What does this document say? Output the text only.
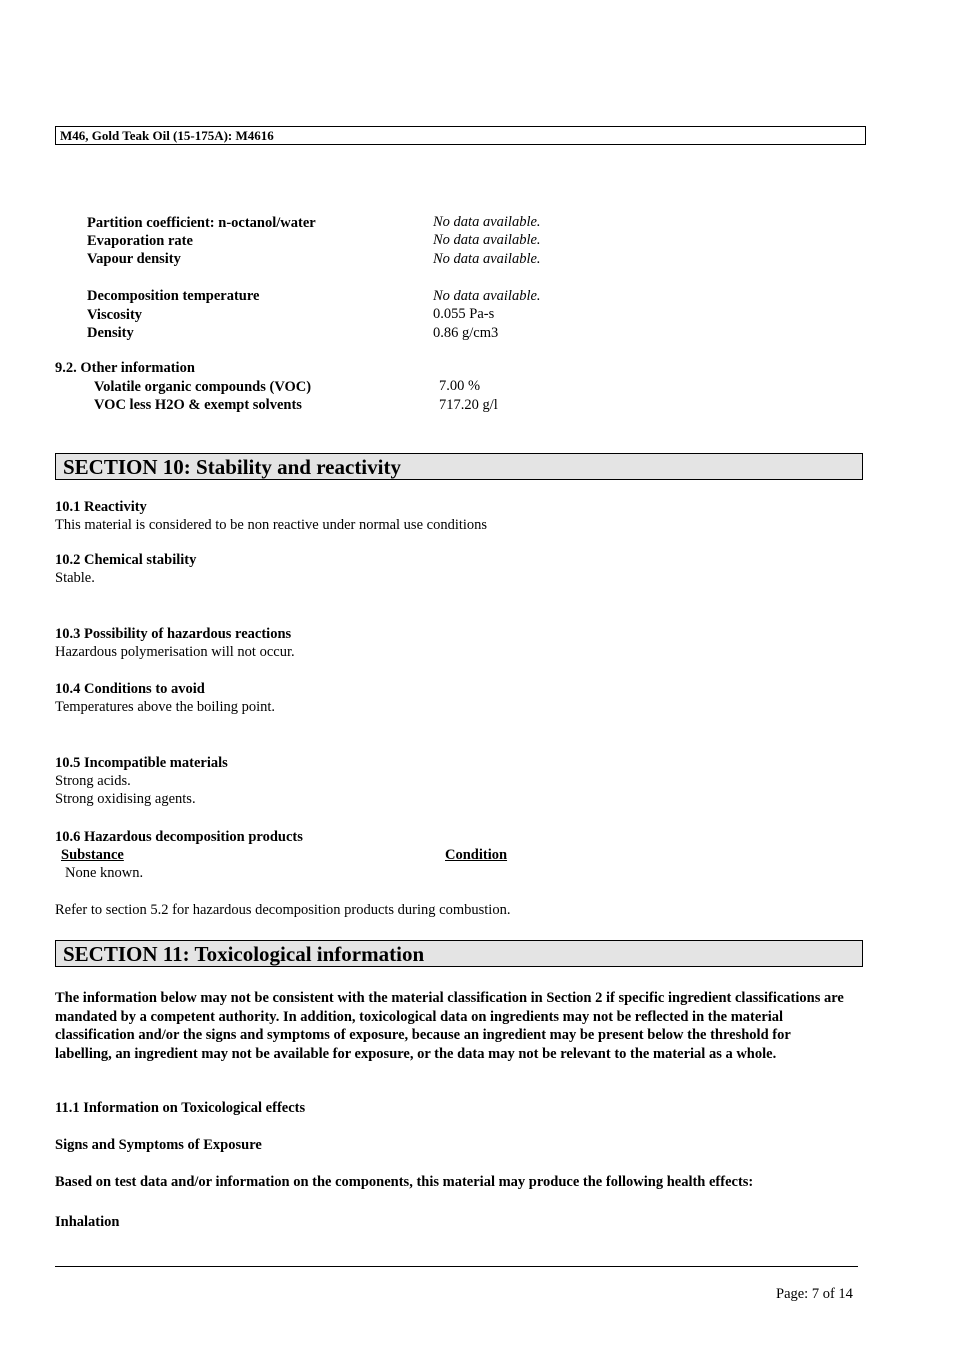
M46, Gold Teak Oil (15-175A): M4616
Partition coefficient: n-octanol/water	No data available.
Evaporation rate	No data available.
Vapour density	No data available.
Decomposition temperature	No data available.
Viscosity	0.055 Pa-s
Density	0.86 g/cm3
9.2. Other information
Volatile organic compounds (VOC)	7.00 %
VOC less H2O & exempt solvents	717.20 g/l
SECTION 10: Stability and reactivity
10.1 Reactivity
This material is considered to be non reactive under normal use conditions
10.2 Chemical stability
Stable.
10.3 Possibility of hazardous reactions
Hazardous polymerisation will not occur.
10.4 Conditions to avoid
Temperatures above the boiling point.
10.5 Incompatible materials
Strong acids.
Strong oxidising agents.
10.6 Hazardous decomposition products
Substance	Condition
None known.
Refer to section 5.2 for hazardous decomposition products during combustion.
SECTION 11: Toxicological information
The information below may not be consistent with the material classification in Section 2 if specific ingredient classifications are mandated by a competent authority. In addition, toxicological data on ingredients may not be reflected in the material classification and/or the signs and symptoms of exposure, because an ingredient may be present below the threshold for labelling, an ingredient may not be available for exposure, or the data may not be relevant to the material as a whole.
11.1 Information on Toxicological effects
Signs and Symptoms of Exposure
Based on test data and/or information on the components, this material may produce the following health effects:
Inhalation
Page: 7 of 14
